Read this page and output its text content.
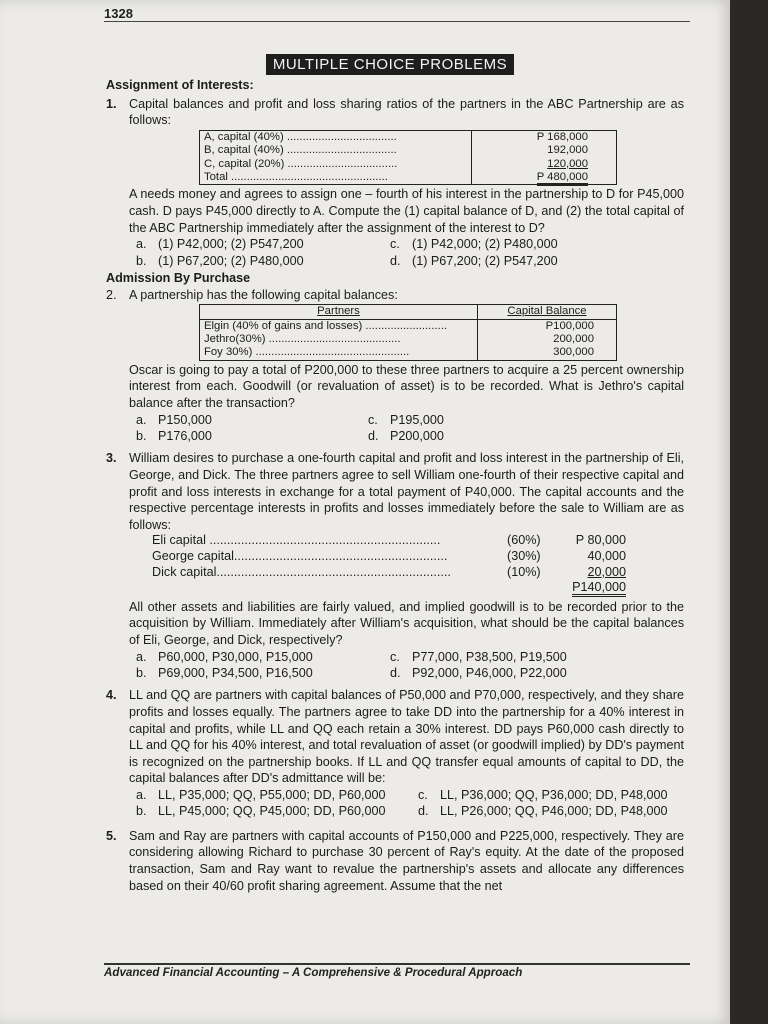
1328
MULTIPLE CHOICE PROBLEMS
Assignment of Interests:
1. Capital balances and profit and loss sharing ratios of the partners in the ABC Partnership are as follows:

A, capital (40%) ...................................	P 168,000
B, capital (40%) ...................................	192,000
C, capital (20%) ...................................	120,000
Total ..................................................	P 480,000

A needs money and agrees to assign one – fourth of his interest in the partnership to D for P45,000 cash. D pays P45,000 directly to A. Compute the (1) capital balance of D, and (2) the total capital of the ABC Partnership immediately after the assignment of the interest to D?

a. (1) P42,000; (2) P547,200	c. (1) P42,000; (2) P480,000
b. (1) P67,200; (2) P480,000	d. (1) P67,200; (2) P547,200
Admission By Purchase
2. A partnership has the following capital balances:

Partners	Capital Balance
Elgin (40% of gains and losses) ..........................	P100,000
Jethro(30%) ..........................................	200,000
Foy 30%) .................................................	300,000

Oscar is going to pay a total of P200,000 to these three partners to acquire a 25 percent ownership interest from each. Goodwill (or revaluation of asset) is to be recorded. What is Jethro's capital balance after the transaction?

a. P150,000	c. P195,000
b. P176,000	d. P200,000
3. William desires to purchase a one-fourth capital and profit and loss interest in the partnership of Eli, George, and Dick. The three partners agree to sell William one-fourth of their respective capital and profit and loss interests in exchange for a total payment of P40,000. The capital accounts and the respective percentage interests in profits and losses immediately before the sale to William are as follows:

Eli capital ..................................................................	(60%)	P 80,000
George capital.............................................................	(30%)	40,000
Dick capital...................................................................	(10%)	20,000
P140,000

All other assets and liabilities are fairly valued, and implied goodwill is to be recorded prior to the acquisition by William. Immediately after William's acquisition, what should be the capital balances of Eli, George, and Dick, respectively?

a. P60,000, P30,000, P15,000	c. P77,000, P38,500, P19,500
b. P69,000, P34,500, P16,500	d. P92,000, P46,000, P22,000
4. LL and QQ are partners with capital balances of P50,000 and P70,000, respectively, and they share profits and losses equally. The partners agree to take DD into the partnership for a 40% interest in capital and profits, while LL and QQ each retain a 30% interest. DD pays P60,000 cash directly to LL and QQ for his 40% interest, and total revaluation of asset (or goodwill implied) by DD's payment is recognized on the partnership books. If LL and QQ transfer equal amounts of capital to DD, the capital balances after DD's admittance will be:

a. LL, P35,000; QQ, P55,000; DD, P60,000	c. LL, P36,000; QQ, P36,000; DD, P48,000
b. LL, P45,000; QQ, P45,000; DD, P60,000	d. LL, P26,000; QQ, P46,000; DD, P48,000
5. Sam and Ray are partners with capital accounts of P150,000 and P225,000, respectively. They are considering allowing Richard to purchase 30 percent of Ray's equity. At the date of the proposed transaction, Sam and Ray want to revalue the partnership's assets and allocate any differences based on their 40/60 profit sharing agreement. Assume that the net

Advanced Financial Accounting – A Comprehensive & Procedural Approach
